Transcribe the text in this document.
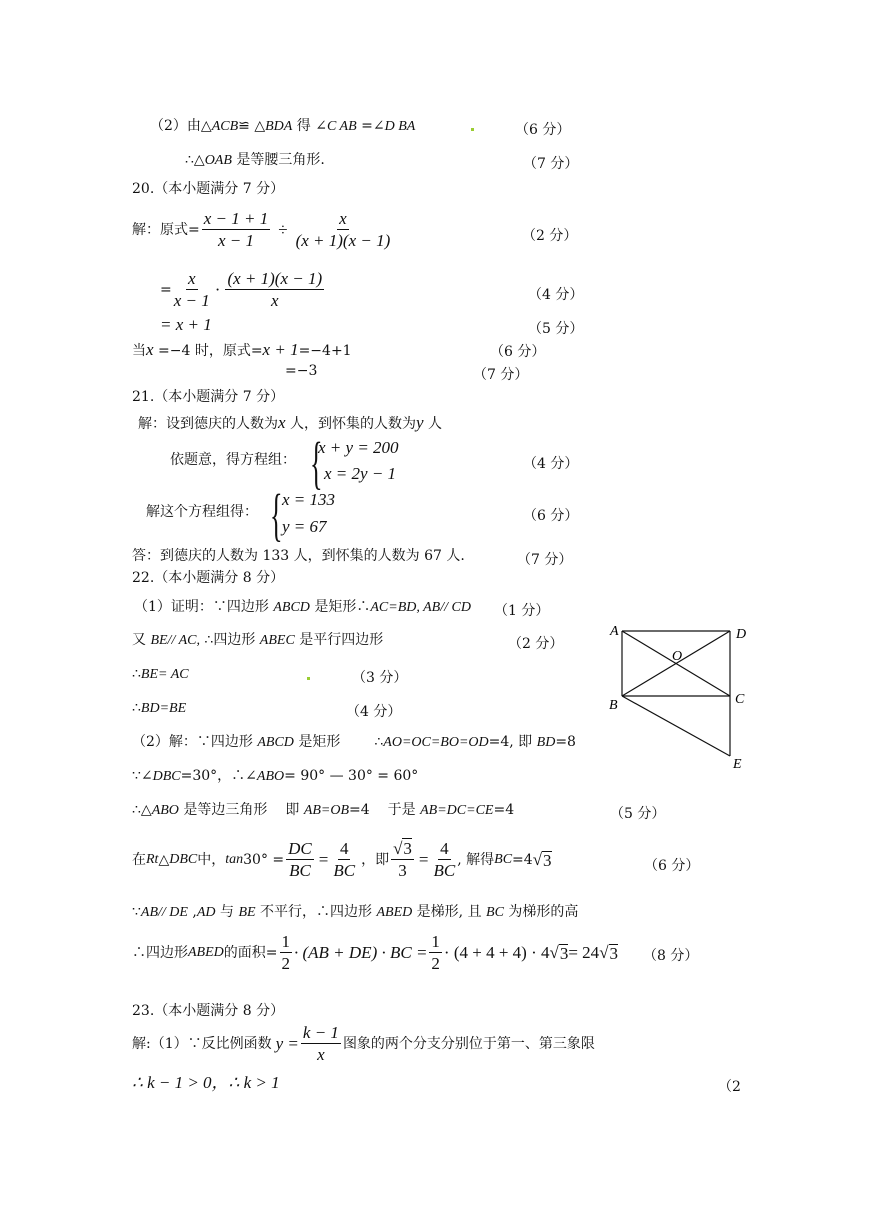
（2）由△ACB≌ △BDA 得 ∠C AB =∠D BA	（6 分）
∴△OAB 是等腰三角形.	（7 分）
20.（本小题满分 7 分）
解：原式= $\frac{x - 1 + 1}{x - 1} \div \frac{x}{(x + 1)(x - 1)}$	（2 分）
= $\frac{x}{x - 1} \cdot \frac{(x + 1)(x - 1)}{x}$	（4 分）
= x + 1	（5 分）
当x =−4 时，原式=x + 1=−4+1	（6 分）
=−3	（7 分）
21.（本小题满分 7 分）
解：设到德庆的人数为x 人，到怀集的人数为y 人
依题意，得方程组： {
x + y = 200
x = 2y − 1	（4 分）
解这个方程组得： { x = 133
y = 67
（6 分）
答：到德庆的人数为 133 人，到怀集的人数为 67 人.	（7 分）
22.（本小题满分 8 分）
（1）证明：∵四边形 ABCD 是矩形∴AC=BD, AB// CD （1 分）
又 BE// AC, ∴四边形 ABEC 是平行四边形	（2 分）
∴BE= AC	（3 分）
∴BD=BE	（4 分）
（2）解：∵四边形 ABCD 是矩形 ∴AO=OC=BO=OD=4, 即 BD=8
∵∠DBC=30°，∴∠ABO= 90° — 30° = 60°
∴△ABO 是等边三角形 即 AB=OB=4 于是 AB=DC=CE=4	（5 分）
在 Rt △ DBC 中， $\tan 30^\circ = \frac{DC}{BC} = \frac{4}{BC}$ ，即 $\frac{√3}{3} = \frac{4}{BC}$ , 解得 BC =4 √ 3	（6 分）
∵AB// DE ,AD 与 BE 不平行，∴四边形 ABED 是梯形, 且 BC 为梯形的高
∴四边形 ABED 的面积= $\frac{1}{2} \cdot (AB + DE)$ · BC = $\frac{1}{2} \cdot (4 + 4 + 4) \cdot 4$ √ 3 = 24 √ 3 （8 分）
A	D
O
B	C
E
23.（本小题满分 8 分）
解:（1）∵反比例函数 $y = \frac{k - 1}{x}$ 图象的两个分支分别位于第一、第三象限
∴ k − 1 > 0，∴ k > 1	（2
